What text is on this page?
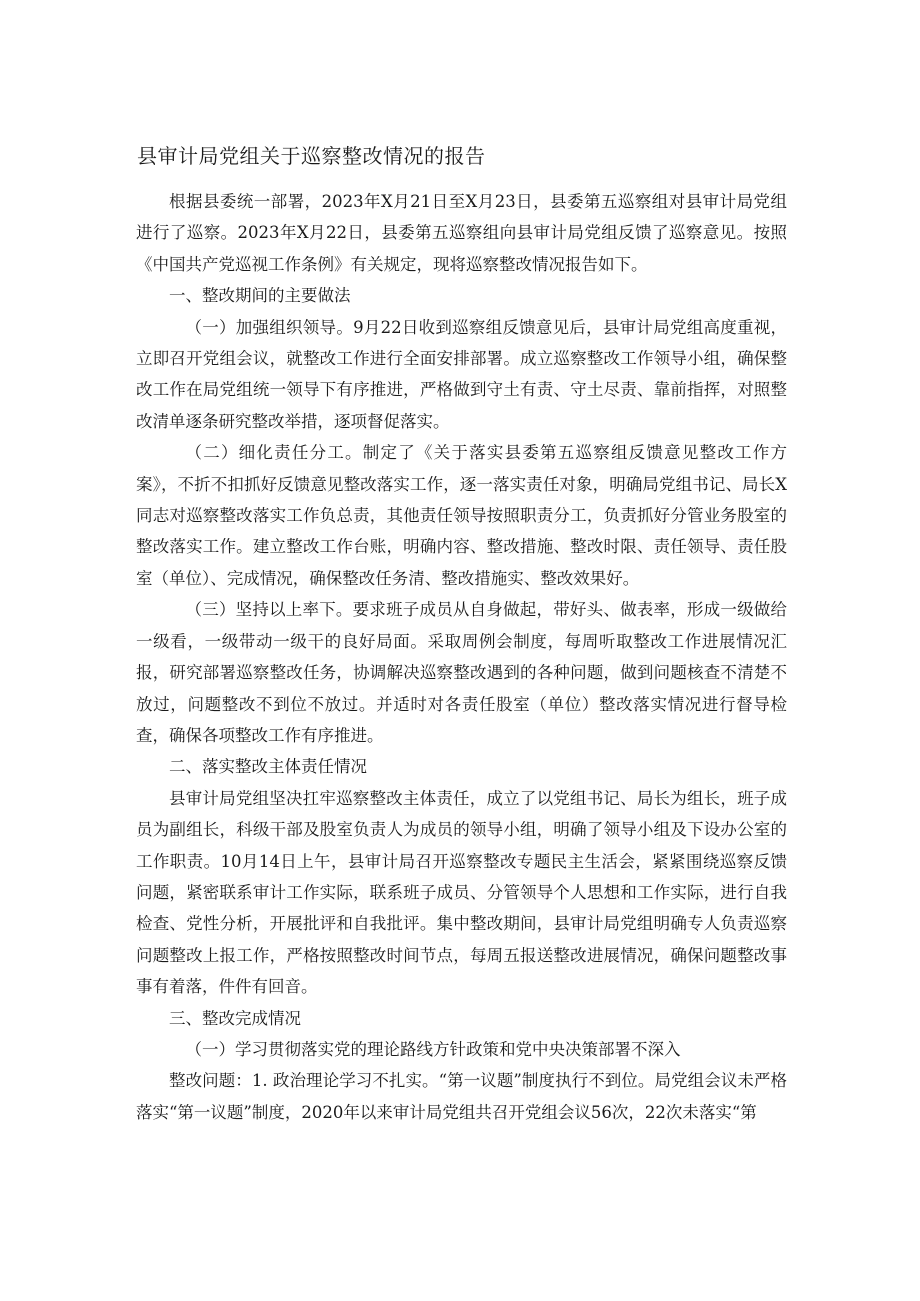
县审计局党组关于巡察整改情况的报告

根据县委统一部署，2023年X月21日至X月23日，县委第五巡察组对县审计局党组进行了巡察。2023年X月22日，县委第五巡察组向县审计局党组反馈了巡察意见。按照《中国共产党巡视工作条例》有关规定，现将巡察整改情况报告如下。

一、整改期间的主要做法

（一）加强组织领导。9月22日收到巡察组反馈意见后，县审计局党组高度重视，立即召开党组会议，就整改工作进行全面安排部署。成立巡察整改工作领导小组，确保整改工作在局党组统一领导下有序推进，严格做到守土有责、守土尽责、靠前指挥，对照整改清单逐条研究整改举措，逐项督促落实。

（二）细化责任分工。制定了《关于落实县委第五巡察组反馈意见整改工作方案》，不折不扣抓好反馈意见整改落实工作，逐一落实责任对象，明确局党组书记、局长X同志对巡察整改落实工作负总责，其他责任领导按照职责分工，负责抓好分管业务股室的整改落实工作。建立整改工作台账，明确内容、整改措施、整改时限、责任领导、责任股室（单位）、完成情况，确保整改任务清、整改措施实、整改效果好。

（三）坚持以上率下。要求班子成员从自身做起，带好头、做表率，形成一级做给一级看，一级带动一级干的良好局面。采取周例会制度，每周听取整改工作进展情况汇报，研究部署巡察整改任务，协调解决巡察整改遇到的各种问题，做到问题核查不清楚不放过，问题整改不到位不放过。并适时对各责任股室（单位）整改落实情况进行督导检查，确保各项整改工作有序推进。

二、落实整改主体责任情况

县审计局党组坚决扛牢巡察整改主体责任，成立了以党组书记、局长为组长，班子成员为副组长，科级干部及股室负责人为成员的领导小组，明确了领导小组及下设办公室的工作职责。10月14日上午，县审计局召开巡察整改专题民主生活会，紧紧围绕巡察反馈问题，紧密联系审计工作实际，联系班子成员、分管领导个人思想和工作实际，进行自我检查、党性分析，开展批评和自我批评。集中整改期间，县审计局党组明确专人负责巡察问题整改上报工作，严格按照整改时间节点，每周五报送整改进展情况，确保问题整改事事有着落，件件有回音。

三、整改完成情况

（一）学习贯彻落实党的理论路线方针政策和党中央决策部署不深入

整改问题：1. 政治理论学习不扎实。“第一议题”制度执行不到位。局党组会议未严格落实“第一议题”制度，2020年以来审计局党组共召开党组会议56次，22次未落实“第
